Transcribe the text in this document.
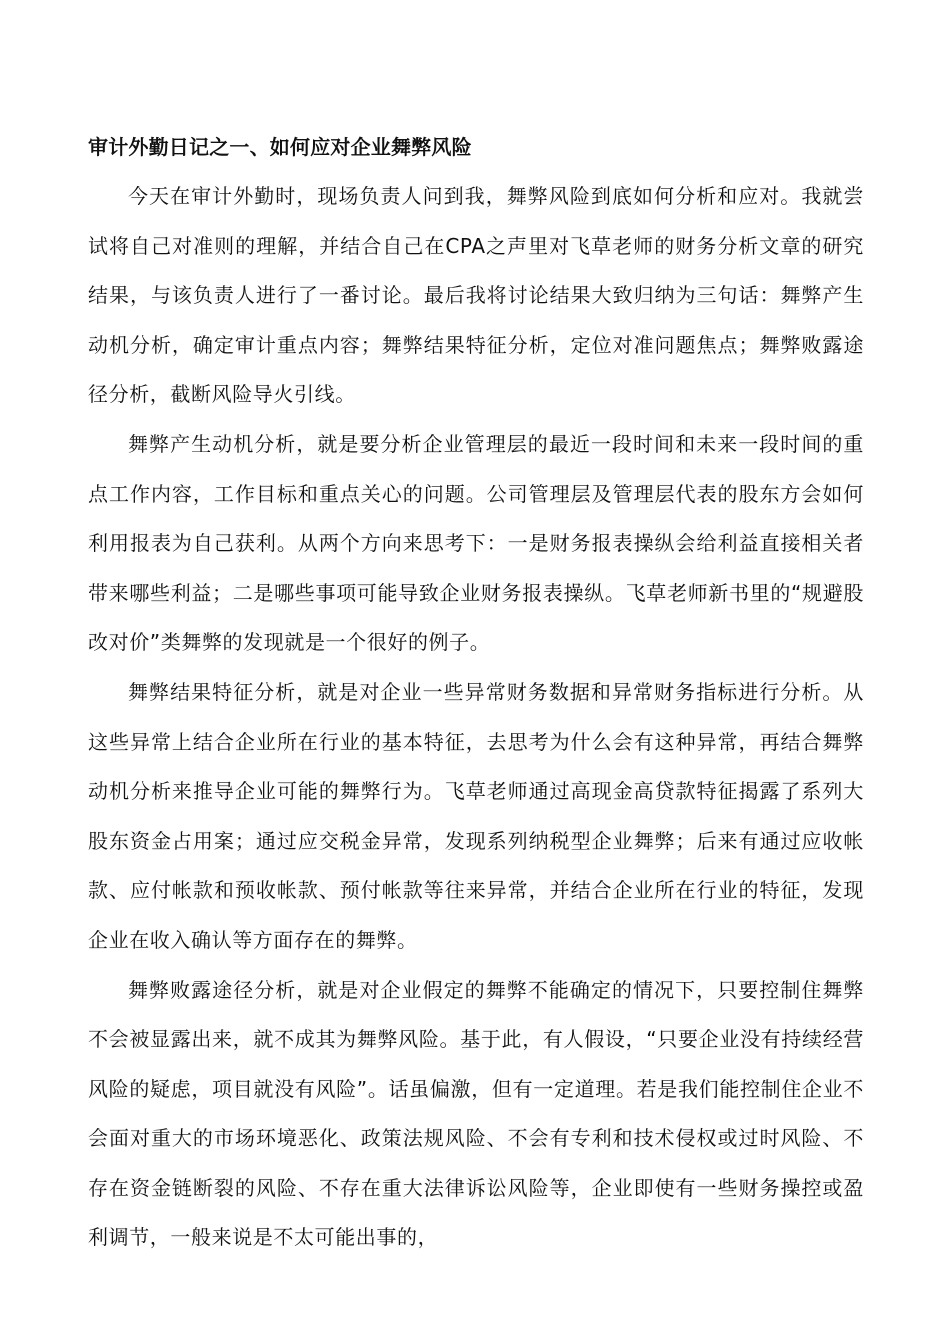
审计外勤日记之一、如何应对企业舞弊风险

今天在审计外勤时，现场负责人问到我，舞弊风险到底如何分析和应对。我就尝试将自己对准则的理解，并结合自己在CPA之声里对飞草老师的财务分析文章的研究结果，与该负责人进行了一番讨论。最后我将讨论结果大致归纳为三句话：舞弊产生动机分析，确定审计重点内容；舞弊结果特征分析，定位对准问题焦点；舞弊败露途径分析，截断风险导火引线。

舞弊产生动机分析，就是要分析企业管理层的最近一段时间和未来一段时间的重点工作内容，工作目标和重点关心的问题。公司管理层及管理层代表的股东方会如何利用报表为自己获利。从两个方向来思考下：一是财务报表操纵会给利益直接相关者带来哪些利益；二是哪些事项可能导致企业财务报表操纵。飞草老师新书里的“规避股改对价”类舞弊的发现就是一个很好的例子。

舞弊结果特征分析，就是对企业一些异常财务数据和异常财务指标进行分析。从这些异常上结合企业所在行业的基本特征，去思考为什么会有这种异常，再结合舞弊动机分析来推导企业可能的舞弊行为。飞草老师通过高现金高贷款特征揭露了系列大股东资金占用案；通过应交税金异常，发现系列纳税型企业舞弊；后来有通过应收帐款、应付帐款和预收帐款、预付帐款等往来异常，并结合企业所在行业的特征，发现企业在收入确认等方面存在的舞弊。

舞弊败露途径分析，就是对企业假定的舞弊不能确定的情况下，只要控制住舞弊不会被显露出来，就不成其为舞弊风险。基于此，有人假设，“只要企业没有持续经营风险的疑虑，项目就没有风险”。话虽偏激，但有一定道理。若是我们能控制住企业不会面对重大的市场环境恶化、政策法规风险、不会有专利和技术侵权或过时风险、不存在资金链断裂的风险、不存在重大法律诉讼风险等，企业即使有一些财务操控或盈利调节，一般来说是不太可能出事的，
